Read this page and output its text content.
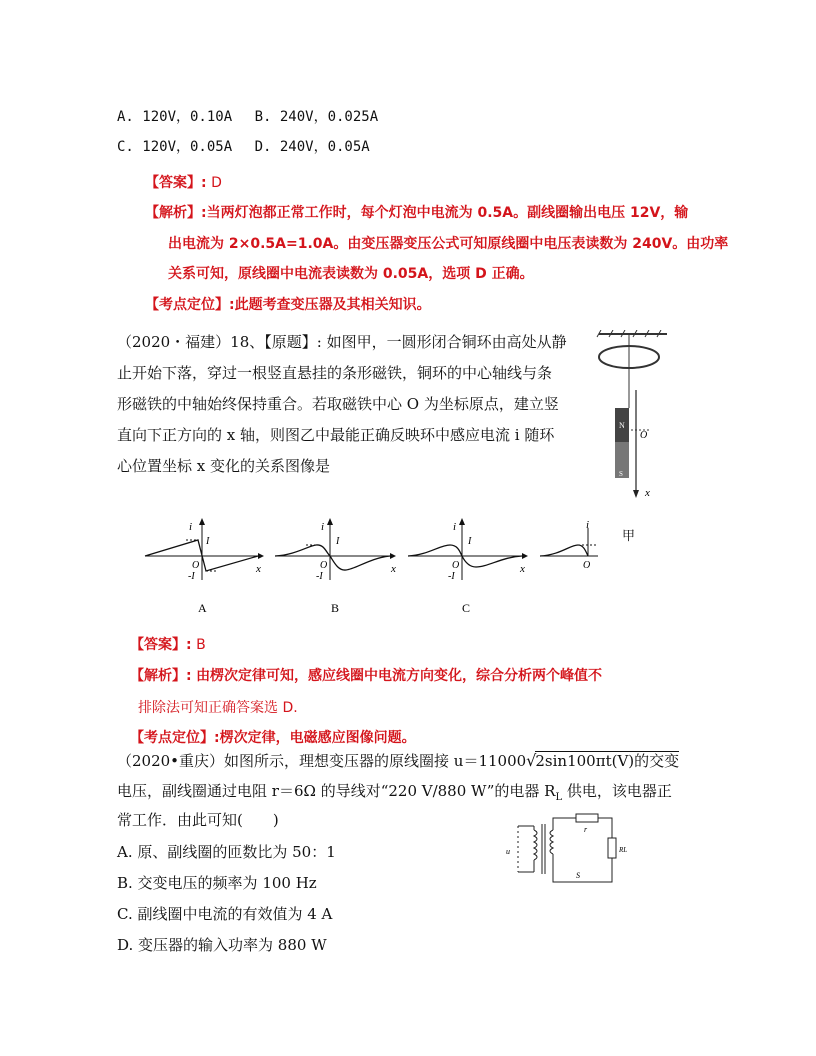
A. 120V，0.10A　 B. 240V，0.025A
C. 120V，0.05A　 D. 240V，0.05A
【答案】: D
【解析】:当两灯泡都正常工作时，每个灯泡中电流为 0.5A。副线圈输出电压 12V，输
出电流为 2×0.5A=1.0A。由变压器变压公式可知原线圈中电压表读数为 240V。由功率
关系可知，原线圈中电流表读数为 0.05A，选项 D 正确。
【考点定位】:此题考查变压器及其相关知识。
（2020・福建）18、【原题】: 如图甲，一圆形闭合铜环由高处从静
止开始下落，穿过一根竖直悬挂的条形磁铁，铜环的中心轴线与条
形磁铁的中轴始终保持重合。若取磁铁中心 O 为坐标原点，建立竖
直向下正方向的 x 轴，则图乙中最能正确反映环中感应电流 i 随环
心位置坐标 x 变化的关系图像是
N
S
O
x
i
I
O
-I
x
A
i
I
O
-I
x
B
i
I
O
-I
x
C
i
O
甲
【答案】: B
【解析】: 由楞次定律可知，感应线圈中电流方向变化，综合分析两个峰值不
排除法可知正确答案选 D.
【考点定位】:楞次定律，电磁感应图像问题。
（2020•重庆）如图所示，理想变压器的原线圈接 u＝11000√2sin100πt(V)的交变
电压，副线圈通过电阻 r＝6Ω 的导线对“220 V/880 W”的电器 $R_L$ 供电，该电器正
常工作．由此可知(　　)
A. 原、副线圈的匝数比为 50：1
B. 交变电压的频率为 100 Hz
C. 副线圈中电流的有效值为 4 A
D. 变压器的输入功率为 880 W
u
r
RL
S
